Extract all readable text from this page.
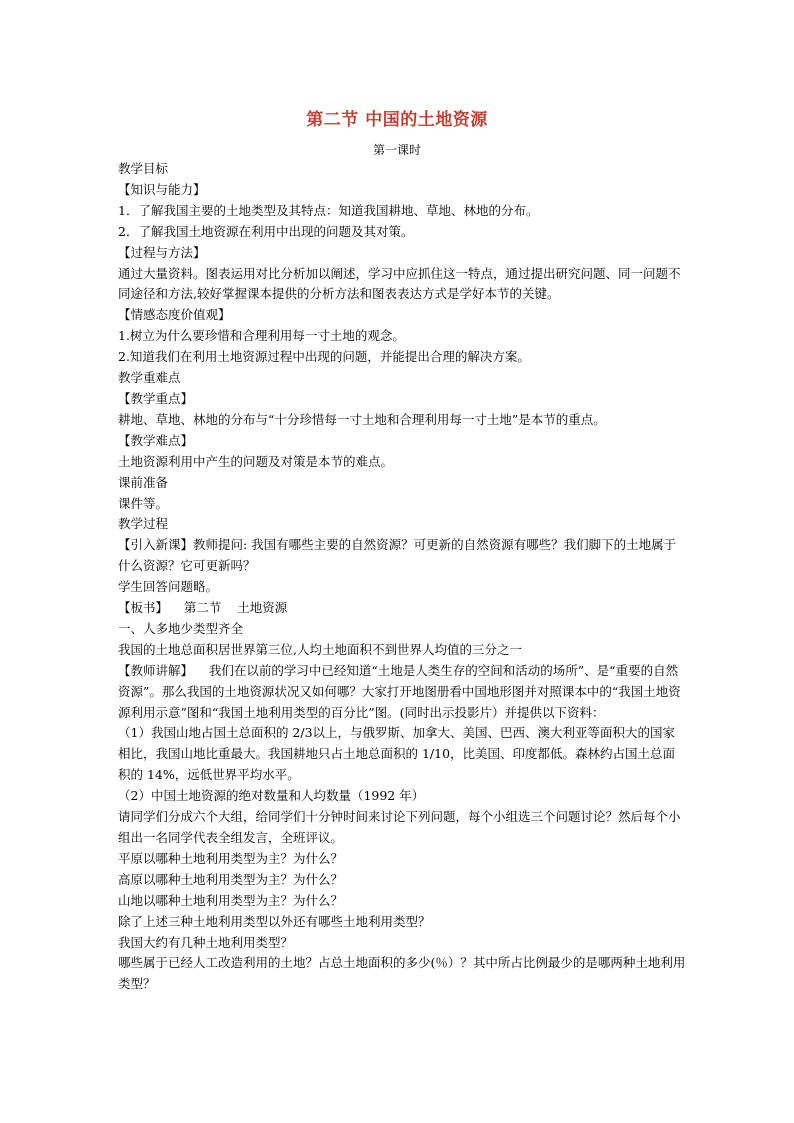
第二节 中国的土地资源
第一课时

教学目标

【知识与能力】

1．了解我国主要的土地类型及其特点：知道我国耕地、草地、林地的分布。

2．了解我国土地资源在利用中出现的问题及其对策。

【过程与方法】

通过大量资料。图表运用对比分析加以阐述，学习中应抓住这一特点，通过提出研究问题、同一问题不同途径和方法,较好掌握课本提供的分析方法和图表表达方式是学好本节的关键。

【情感态度价值观】

1.树立为什么要珍惜和合理利用每一寸土地的观念。

2.知道我们在利用土地资源过程中出现的问题，并能提出合理的解决方案。

教学重难点

【教学重点】

耕地、草地、林地的分布与“十分珍惜每一寸土地和合理利用每一寸土地”是本节的重点。

【教学难点】

土地资源利用中产生的问题及对策是本节的难点。

课前准备

课件等。

教学过程

【引入新课】教师提问: 我国有哪些主要的自然资源？可更新的自然资源有哪些？我们脚下的土地属于什么资源？它可更新吗？

学生回答问题略。

【板书】    第二节    土地资源

一、人多地少类型齐全

我国的土地总面积居世界第三位,人均土地面积不到世界人均值的三分之一

【教师讲解】    我们在以前的学习中已经知道“土地是人类生存的空间和活动的场所”、是“重要的自然资源”。那么我国的土地资源状况又如何哪？大家打开地图册看中国地形图并对照课本中的“我国土地资源利用示意”图和“我国土地利用类型的百分比”图。(同时出示投影片）并提供以下资料：

（1）我国山地占国土总面积的 2/3以上，与俄罗斯、加拿大、美国、巴西、澳大利亚等面积大的国家相比，我国山地比重最大。我国耕地只占土地总面积的 1/10，比美国、印度都低。森林约占国土总面积的 14%，远低世界平均水平。

（2）中国土地资源的绝对数量和人均数量（1992 年）

请同学们分成六个大组，给同学们十分钟时间来讨论下列问题，每个小组选三个问题讨论？然后每个小组出一名同学代表全组发言，全班评议。

平原以哪种土地利用类型为主？为什么？

高原以哪种土地利用类型为主？为什么？

山地以哪种土地利用类型为主？为什么？

除了上述三种土地利用类型以外还有哪些土地利用类型？

我国大约有几种土地利用类型？

哪些属于已经人工改造利用的土地？占总土地面积的多少(％）？其中所占比例最少的是哪两种土地利用类型？
